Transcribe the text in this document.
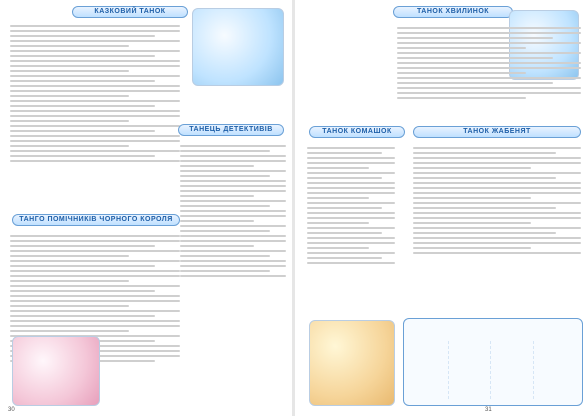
КАЗКОВИЙ ТАНОК
ТАНЕЦЬ ДЕТЕКТИВІВ
ТАНГО ПОМІЧНИКІВ ЧОРНОГО КОРОЛЯ
30
ТАНОК ХВИЛИНОК
ТАНОК КОМАШОК	ТАНОК ЖАБЕНЯТ
31
